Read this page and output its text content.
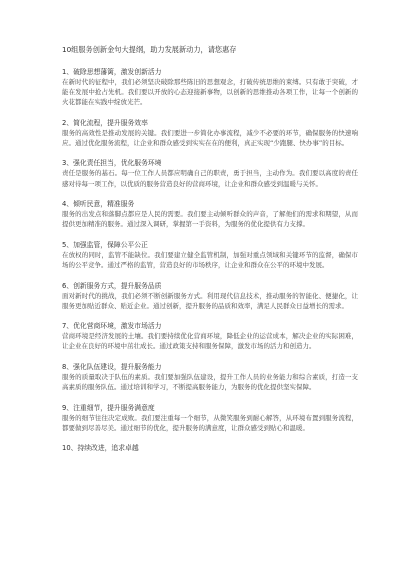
10组服务创新金句大提纲，助力发展新动力，请您惠存

1、破除思想藩篱，激发创新活力

在新时代的征程中，我们必须坚决破除那些陈旧的思想观念，打破传统思维的束缚。只有敢于突破，才能在发展中抢占先机。我们要以开放的心态迎接新事物，以创新的思维推动各项工作，让每一个创新的火花都能在实践中绽放光芒。

2、简化流程，提升服务效率

服务的高效性是推动发展的关键。我们要进一步简化办事流程，减少不必要的环节，确保服务的快速响应。通过优化服务流程，让企业和群众感受到实实在在的便利，真正实现“少跑腿、快办事”的目标。

3、强化责任担当，优化服务环境

责任是服务的基石。每一位工作人员都应明确自己的职责，勇于担当，主动作为。我们要以高度的责任感对待每一项工作，以优质的服务营造良好的营商环境，让企业和群众感受到温暖与关怀。

4、倾听民意，精准服务

服务的出发点和落脚点都应是人民的需要。我们要主动倾听群众的声音，了解他们的需求和期望，从而提供更加精准的服务。通过深入调研，掌握第一手资料，为服务的优化提供有力支撑。

5、加强监管，保障公平公正

在放权的同时，监管不能缺位。我们要建立健全监管机制，加强对重点领域和关键环节的监督，确保市场的公平竞争。通过严格的监管，营造良好的市场秩序，让企业和群众在公平的环境中发展。

6、创新服务方式，提升服务品质

面对新时代的挑战，我们必须不断创新服务方式。利用现代信息技术，推动服务的智能化、便捷化，让服务更加贴近群众、贴近企业。通过创新，提升服务的品质和效率，满足人民群众日益增长的需求。

7、优化营商环境，激发市场活力

营商环境是经济发展的土壤。我们要持续优化营商环境，降低企业的运营成本，解决企业的实际困难，让企业在良好的环境中茁壮成长。通过政策支持和服务保障，激发市场的活力和创造力。

8、强化队伍建设，提升服务能力

服务的质量取决于队伍的素质。我们要加强队伍建设，提升工作人员的业务能力和综合素质，打造一支高素质的服务队伍。通过培训和学习，不断提高服务能力，为服务的优化提供坚实保障。

9、注重细节，提升服务满意度

服务的细节往往决定成败。我们要注重每一个细节，从微笑服务到耐心解答，从环境布置到服务流程，都要做到尽善尽美。通过细节的优化，提升服务的满意度，让群众感受到贴心和温暖。

10、持续改进，追求卓越
